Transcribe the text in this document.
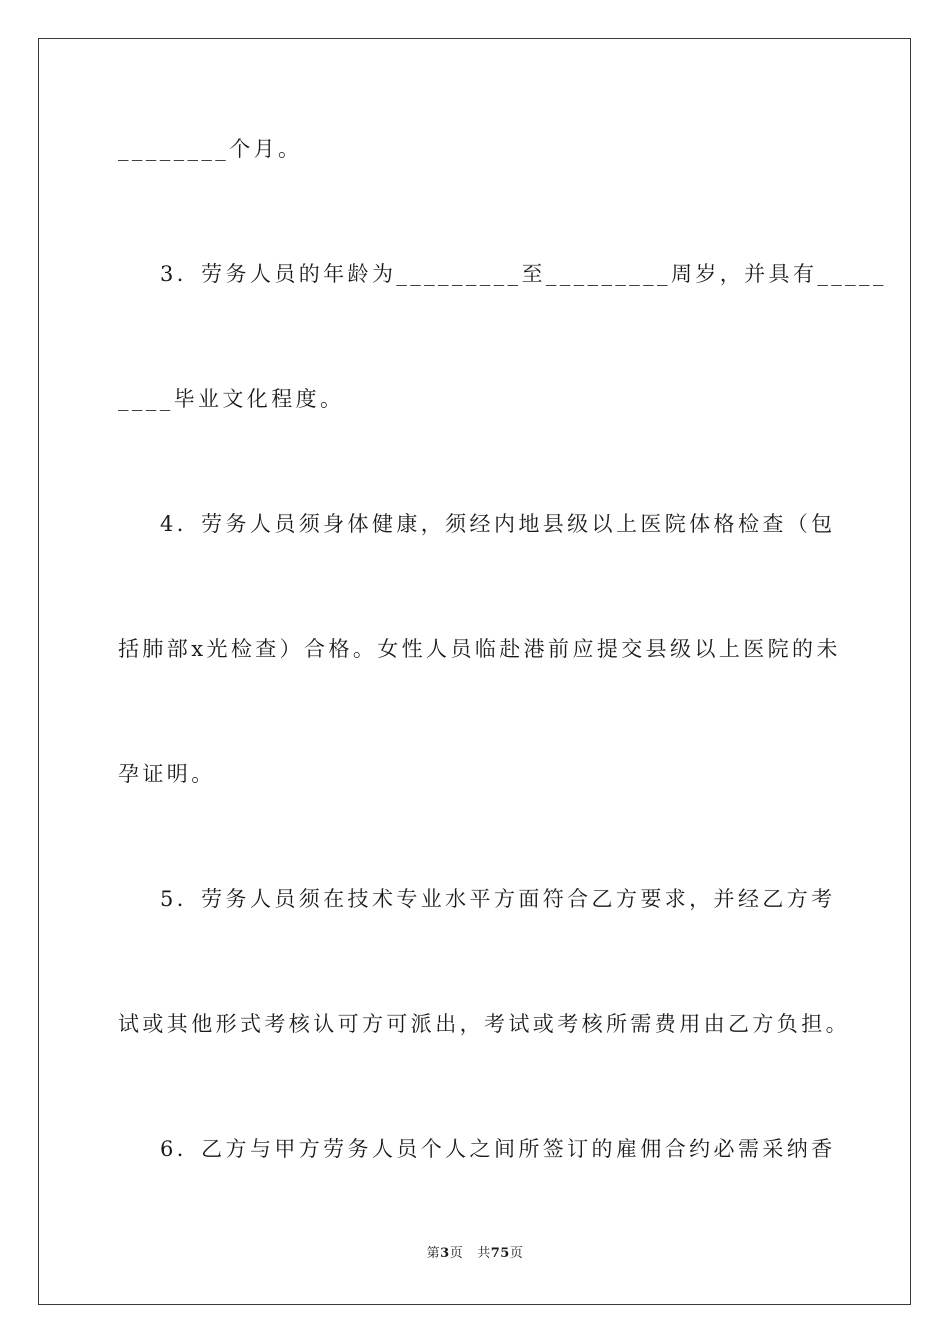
________个月。
3．劳务人员的年龄为_________至_________周岁，并具有_____
____毕业文化程度。
4．劳务人员须身体健康，须经内地县级以上医院体格检查（包
括肺部x光检查）合格。女性人员临赴港前应提交县级以上医院的未
孕证明。
5．劳务人员须在技术专业水平方面符合乙方要求，并经乙方考
试或其他形式考核认可方可派出，考试或考核所需费用由乙方负担。
6．乙方与甲方劳务人员个人之间所签订的雇佣合约必需采纳香
第3页 共75页
